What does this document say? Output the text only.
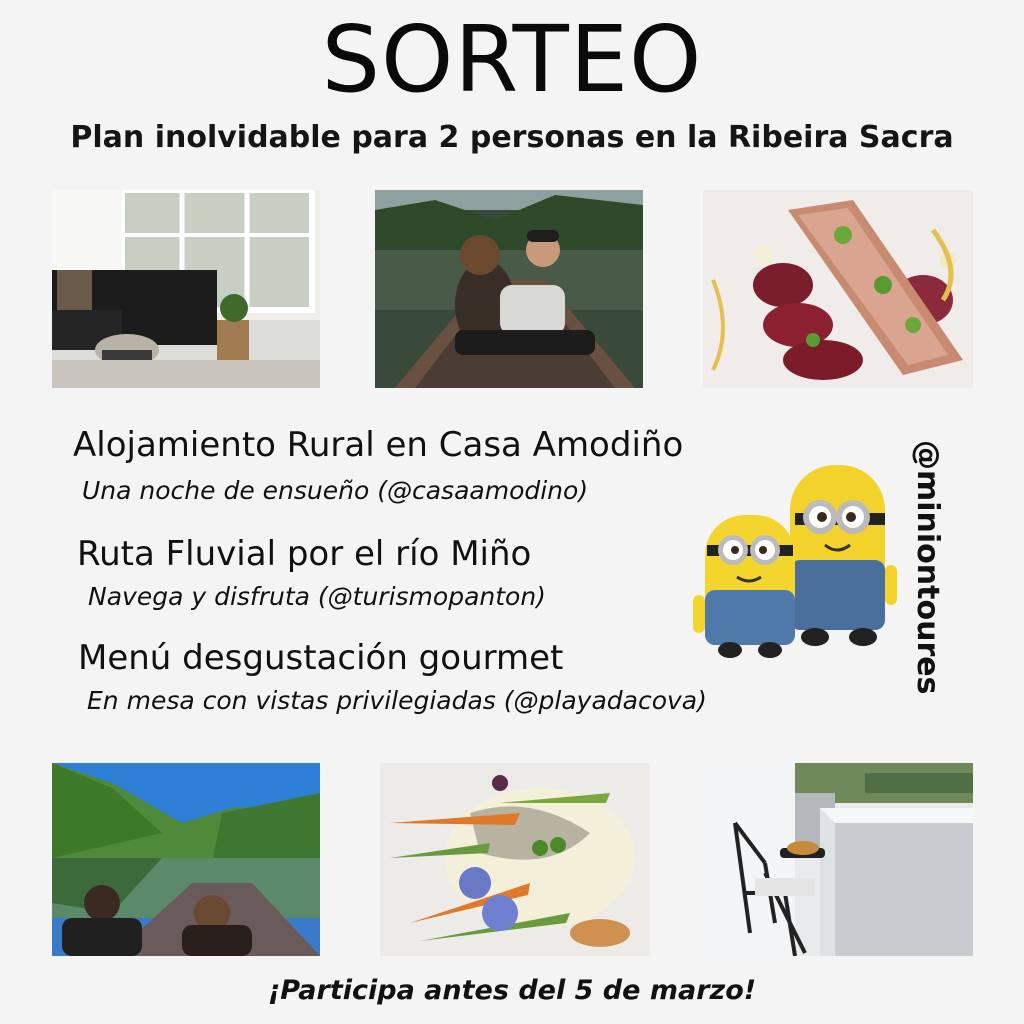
SORTEO
Plan inolvidable para 2 personas en la Ribeira Sacra
Alojamiento Rural en Casa Amodiño
Una noche de ensueño (@casaamodino)
Ruta Fluvial por el río Miño
Navega y disfruta (@turismopanton)
Menú desgustación gourmet
En mesa con vistas privilegiadas (@playadacova)
@miniontoures
¡Participa antes del 5 de marzo!
